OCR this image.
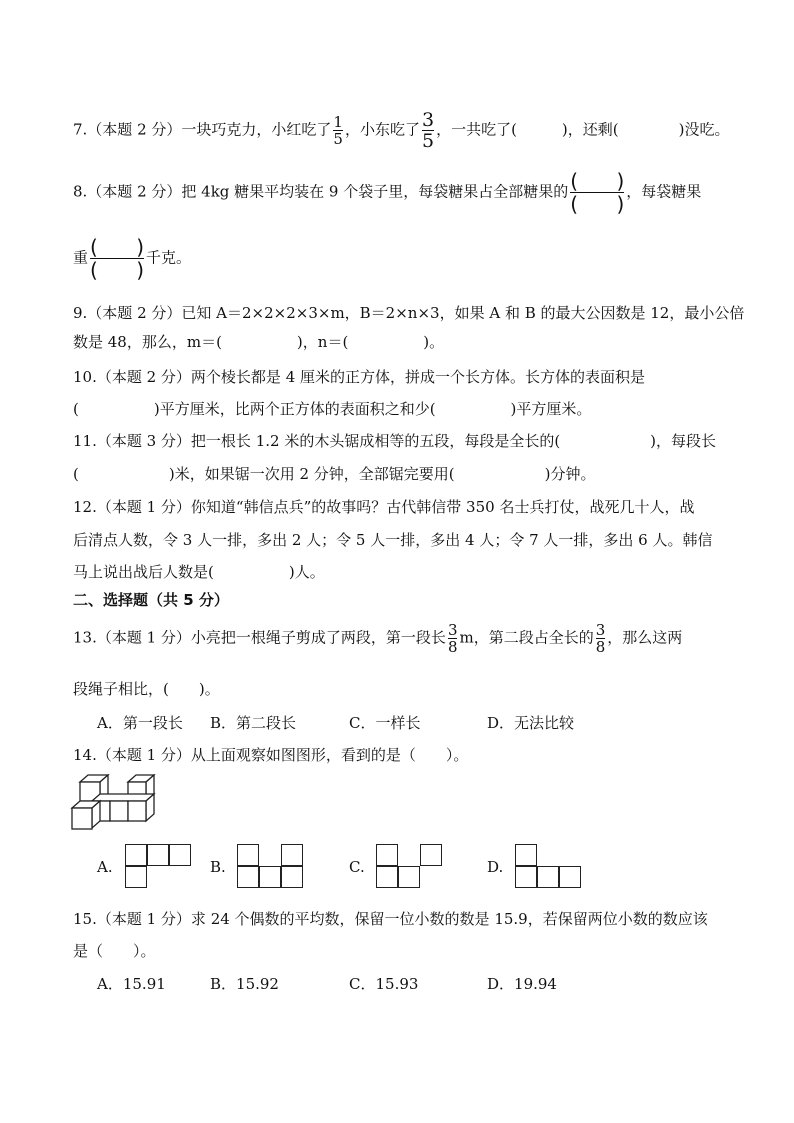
7.（本题 2 分）一块巧克力，小红吃了 $\frac{1}{5}$ ，小东吃了 $\frac{3}{5}$ ，一共吃了(　　　)，还剩(　　　　)没吃。
8.（本题 2 分）把 4kg 糖果平均装在 9 个袋子里，每袋糖果占全部糖果的 ( )
( )
，每袋糖果
重 ( )
( )
千克。
9.（本题 2 分）已知 A＝2×2×2×3×m，B＝2×n×3，如果 A 和 B 的最大公因数是 12，最小公倍
数是 48，那么，m＝(　　　　　)，n＝(　　　　　)。
10.（本题 2 分）两个棱长都是 4 厘米的正方体，拼成一个长方体。长方体的表面积是
(　　　　　)平方厘米，比两个正方体的表面积之和少(　　　　　)平方厘米。
11.（本题 3 分）把一根长 1.2 米的木头锯成相等的五段，每段是全长的(　　　　　　)，每段长
(　　　　　　)米，如果锯一次用 2 分钟，全部锯完要用(　　　　　　)分钟。
12.（本题 1 分）你知道“韩信点兵”的故事吗？古代韩信带 350 名士兵打仗，战死几十人，战
后清点人数，令 3 人一排，多出 2 人；令 5 人一排，多出 4 人；令 7 人一排，多出 6 人。韩信
马上说出战后人数是(　　　　　)人。
二、选择题（共 5 分）
13.（本题 1 分）小亮把一根绳子剪成了两段，第一段长 $\frac{3}{8}$ m，第二段占全长的 $\frac{3}{8}$ ，那么这两
段绳子相比，(　　)。
A．第一段长 B．第二段长	C．一样长	D．无法比较
14.（本题 1 分）从上面观察如图图形，看到的是（　　）。
A.	B.	C.	D.
15.（本题 1 分）求 24 个偶数的平均数，保留一位小数的数是 15.9，若保留两位小数的数应该
是（　　）。
A．15.91	B．15.92	C．15.93	D．19.94
